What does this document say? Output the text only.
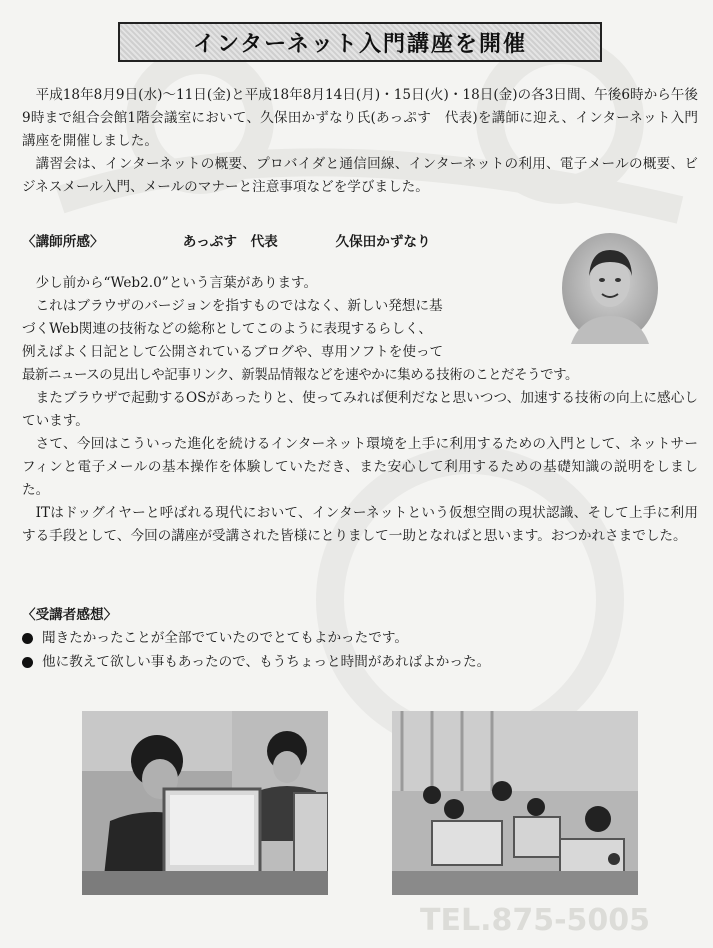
TEL.875-5005
インターネット入門講座を開催

平成18年8月9日(水)～11日(金)と平成18年8月14日(月)・15日(火)・18日(金)の各3日間、午後6時から午後9時まで組合会館1階会議室において、久保田かずなり氏(あっぷす　代表)を講師に迎え、インターネット入門講座を開催しました。

講習会は、インターネットの概要、プロバイダと通信回線、インターネットの利用、電子メールの概要、ビジネスメール入門、メールのマナーと注意事項などを学びました。

〈講師所感〉	あっぷす　代表	久保田かずなり

少し前から“Web2.0”という言葉があります。

これはブラウザのバージョンを指すものではなく、新しい発想に基

づくWeb関連の技術などの総称としてこのように表現するらしく、

例えばよく日記として公開されているブログや、専用ソフトを使って

最新ニュースの見出しや記事リンク、新製品情報などを速やかに集める技術のことだそうです。

またブラウザで起動するOSがあったりと、使ってみれば便利だなと思いつつ、加速する技術の向上に感心しています。

さて、今回はこういった進化を続けるインターネット環境を上手に利用するための入門として、ネットサーフィンと電子メールの基本操作を体験していただき、また安心して利用するための基礎知識の説明をしました。

ITはドッグイヤーと呼ばれる現代において、インターネットという仮想空間の現状認識、そして上手に利用する手段として、今回の講座が受講された皆様にとりまして一助となればと思います。おつかれさまでした。

〈受講者感想〉
聞きたかったことが全部でていたのでとてもよかったです。
他に教えて欲しい事もあったので、もうちょっと時間があればよかった。
